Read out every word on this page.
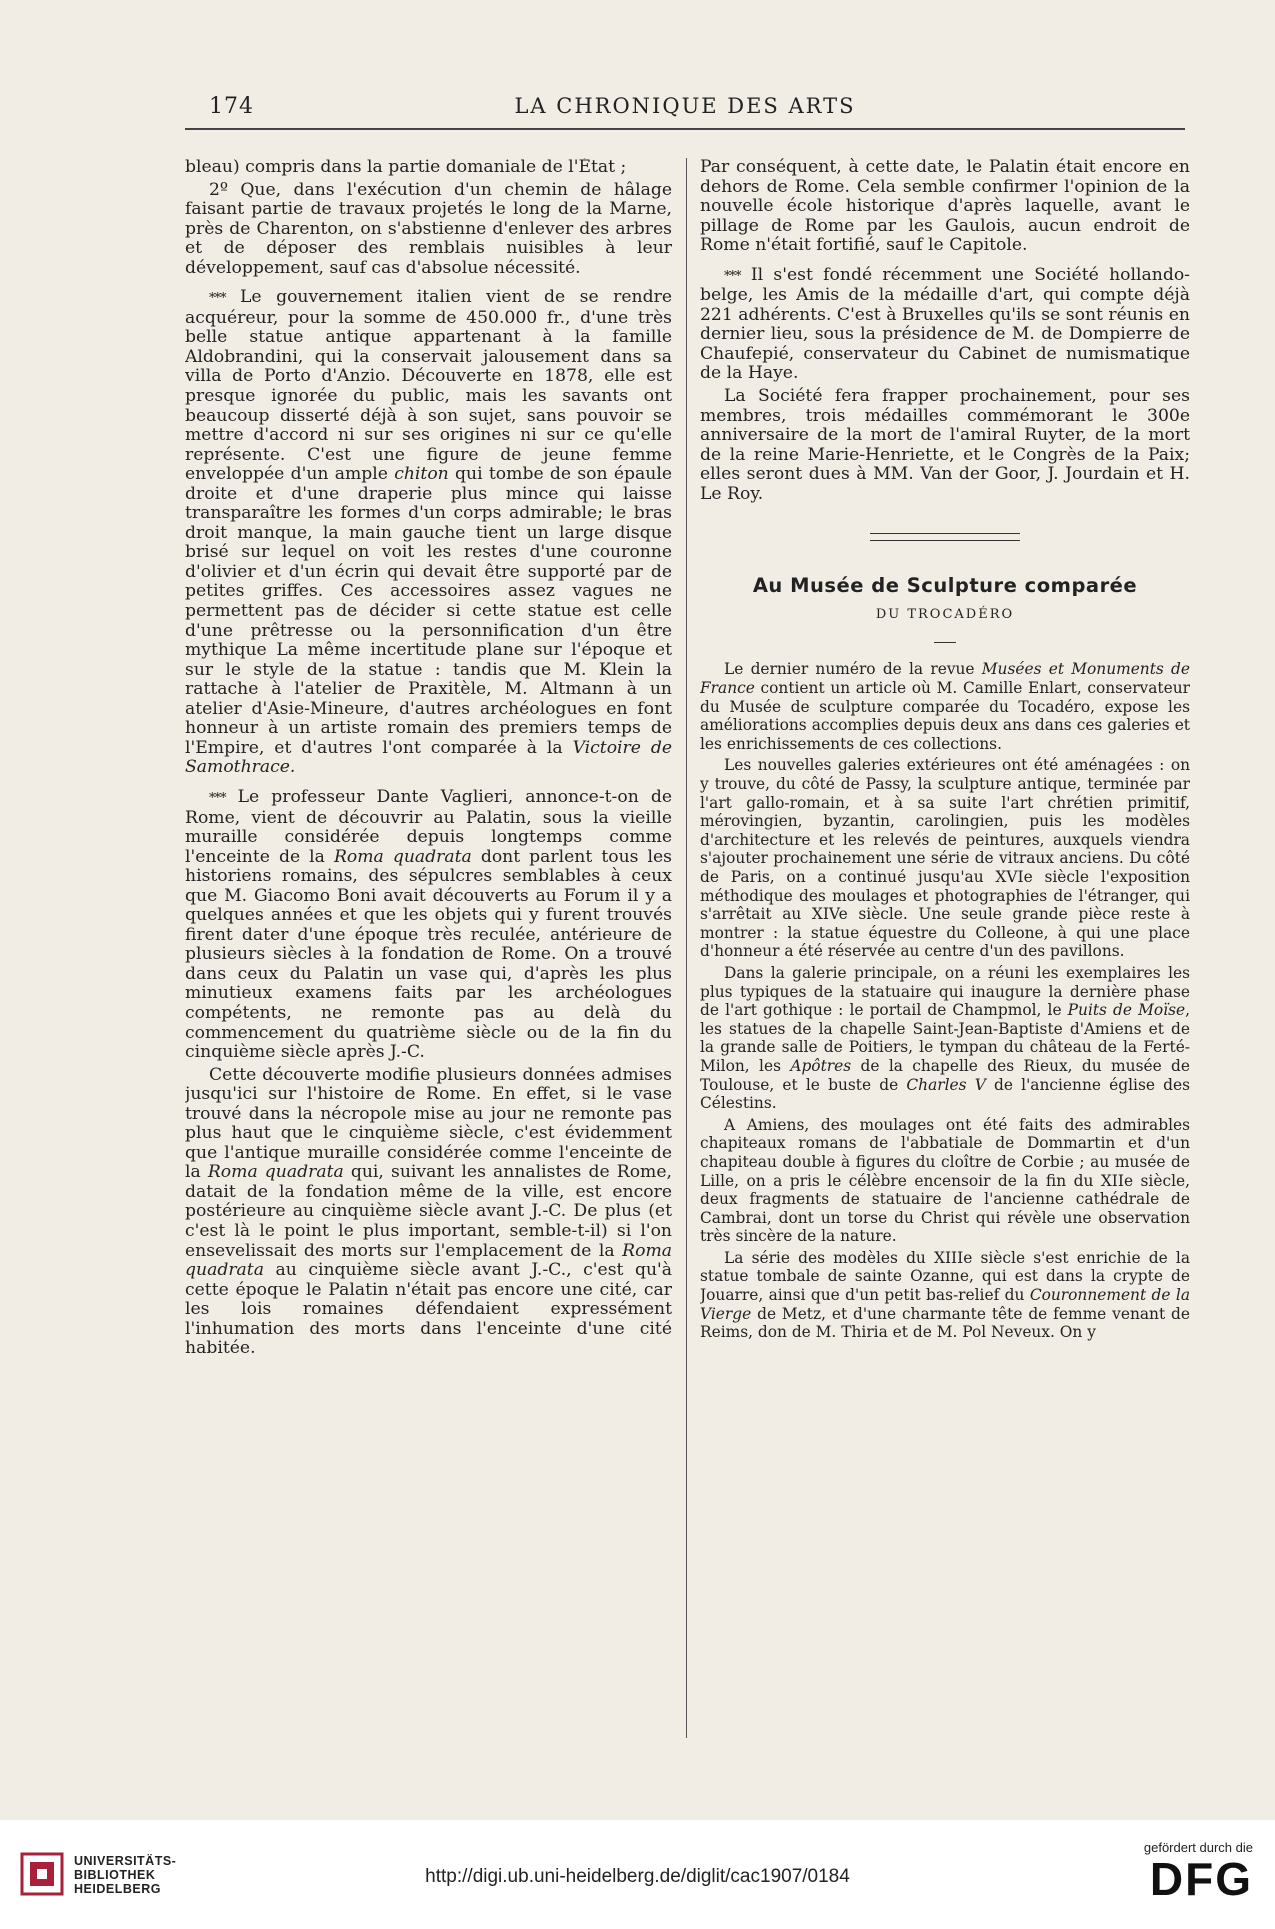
174	LA CHRONIQUE DES ARTS

bleau) compris dans la partie domaniale de l'État ;

2º Que, dans l'exécution d'un chemin de hâlage faisant partie de travaux projetés le long de la Marne, près de Charenton, on s'abstienne d'enlever des arbres et de déposer des remblais nuisibles à leur développement, sauf cas d'absolue nécessité.

*** Le gouvernement italien vient de se rendre acquéreur, pour la somme de 450.000 fr., d'une très belle statue antique appartenant à la famille Aldobrandini, qui la conservait jalousement dans sa villa de Porto d'Anzio. Découverte en 1878, elle est presque ignorée du public, mais les savants ont beaucoup disserté déjà à son sujet, sans pouvoir se mettre d'accord ni sur ses origines ni sur ce qu'elle représente. C'est une figure de jeune femme enveloppée d'un ample chiton qui tombe de son épaule droite et d'une draperie plus mince qui laisse transparaître les formes d'un corps admirable; le bras droit manque, la main gauche tient un large disque brisé sur lequel on voit les restes d'une couronne d'olivier et d'un écrin qui devait être supporté par de petites griffes. Ces accessoires assez vagues ne permettent pas de décider si cette statue est celle d'une prêtresse ou la personnification d'un être mythique La même incertitude plane sur l'époque et sur le style de la statue : tandis que M. Klein la rattache à l'atelier de Praxitèle, M. Altmann à un atelier d'Asie-Mineure, d'autres archéologues en font honneur à un artiste romain des premiers temps de l'Empire, et d'autres l'ont comparée à la Victoire de Samothrace.

*** Le professeur Dante Vaglieri, annonce-t-on de Rome, vient de découvrir au Palatin, sous la vieille muraille considérée depuis longtemps comme l'enceinte de la Roma quadrata dont parlent tous les historiens romains, des sépulcres semblables à ceux que M. Giacomo Boni avait découverts au Forum il y a quelques années et que les objets qui y furent trouvés firent dater d'une époque très reculée, antérieure de plusieurs siècles à la fondation de Rome. On a trouvé dans ceux du Palatin un vase qui, d'après les plus minutieux examens faits par les archéologues compétents, ne remonte pas au delà du commencement du quatrième siècle ou de la fin du cinquième siècle après J.-C.

Cette découverte modifie plusieurs données admises jusqu'ici sur l'histoire de Rome. En effet, si le vase trouvé dans la nécropole mise au jour ne remonte pas plus haut que le cinquième siècle, c'est évidemment que l'antique muraille considérée comme l'enceinte de la Roma quadrata qui, suivant les annalistes de Rome, datait de la fondation même de la ville, est encore postérieure au cinquième siècle avant J.-C. De plus (et c'est là le point le plus important, semble-t-il) si l'on ensevelissait des morts sur l'emplacement de la Roma quadrata au cinquième siècle avant J.-C., c'est qu'à cette époque le Palatin n'était pas encore une cité, car les lois romaines défendaient expressément l'inhumation des morts dans l'enceinte d'une cité habitée.

Par conséquent, à cette date, le Palatin était encore en dehors de Rome. Cela semble confirmer l'opinion de la nouvelle école historique d'après laquelle, avant le pillage de Rome par les Gaulois, aucun endroit de Rome n'était fortifié, sauf le Capitole.

*** Il s'est fondé récemment une Société hollando-belge, les Amis de la médaille d'art, qui compte déjà 221 adhérents. C'est à Bruxelles qu'ils se sont réunis en dernier lieu, sous la présidence de M. de Dompierre de Chaufepié, conservateur du Cabinet de numismatique de la Haye.

La Société fera frapper prochainement, pour ses membres, trois médailles commémorant le 300e anniversaire de la mort de l'amiral Ruyter, de la mort de la reine Marie-Henriette, et le Congrès de la Paix; elles seront dues à MM. Van der Goor, J. Jourdain et H. Le Roy.

Au Musée de Sculpture comparée
DU TROCADÉRO

Le dernier numéro de la revue Musées et Monuments de France contient un article où M. Camille Enlart, conservateur du Musée de sculpture comparée du Tocadéro, expose les améliorations accomplies depuis deux ans dans ces galeries et les enrichissements de ces collections.

Les nouvelles galeries extérieures ont été aménagées : on y trouve, du côté de Passy, la sculpture antique, terminée par l'art gallo-romain, et à sa suite l'art chrétien primitif, mérovingien, byzantin, carolingien, puis les modèles d'architecture et les relevés de peintures, auxquels viendra s'ajouter prochainement une série de vitraux anciens. Du côté de Paris, on a continué jusqu'au XVIe siècle l'exposition méthodique des moulages et photographies de l'étranger, qui s'arrêtait au XIVe siècle. Une seule grande pièce reste à montrer : la statue équestre du Colleone, à qui une place d'honneur a été réservée au centre d'un des pavillons.

Dans la galerie principale, on a réuni les exemplaires les plus typiques de la statuaire qui inaugure la dernière phase de l'art gothique : le portail de Champmol, le Puits de Moïse, les statues de la chapelle Saint-Jean-Baptiste d'Amiens et de la grande salle de Poitiers, le tympan du château de la Ferté-Milon, les Apôtres de la chapelle des Rieux, du musée de Toulouse, et le buste de Charles V de l'ancienne église des Célestins.

A Amiens, des moulages ont été faits des admirables chapiteaux romans de l'abbatiale de Dommartin et d'un chapiteau double à figures du cloître de Corbie ; au musée de Lille, on a pris le célèbre encensoir de la fin du XIIe siècle, deux fragments de statuaire de l'ancienne cathédrale de Cambrai, dont un torse du Christ qui révèle une observation très sincère de la nature.

La série des modèles du XIIIe siècle s'est enrichie de la statue tombale de sainte Ozanne, qui est dans la crypte de Jouarre, ainsi que d'un petit bas-relief du Couronnement de la Vierge de Metz, et d'une charmante tête de femme venant de Reims, don de M. Thiria et de M. Pol Neveux. On y

UNIVERSITÄTS-
BIBLIOTHEK
HEIDELBERG
http://digi.ub.uni-heidelberg.de/diglit/cac1907/0184
gefördert durch die
DFG
